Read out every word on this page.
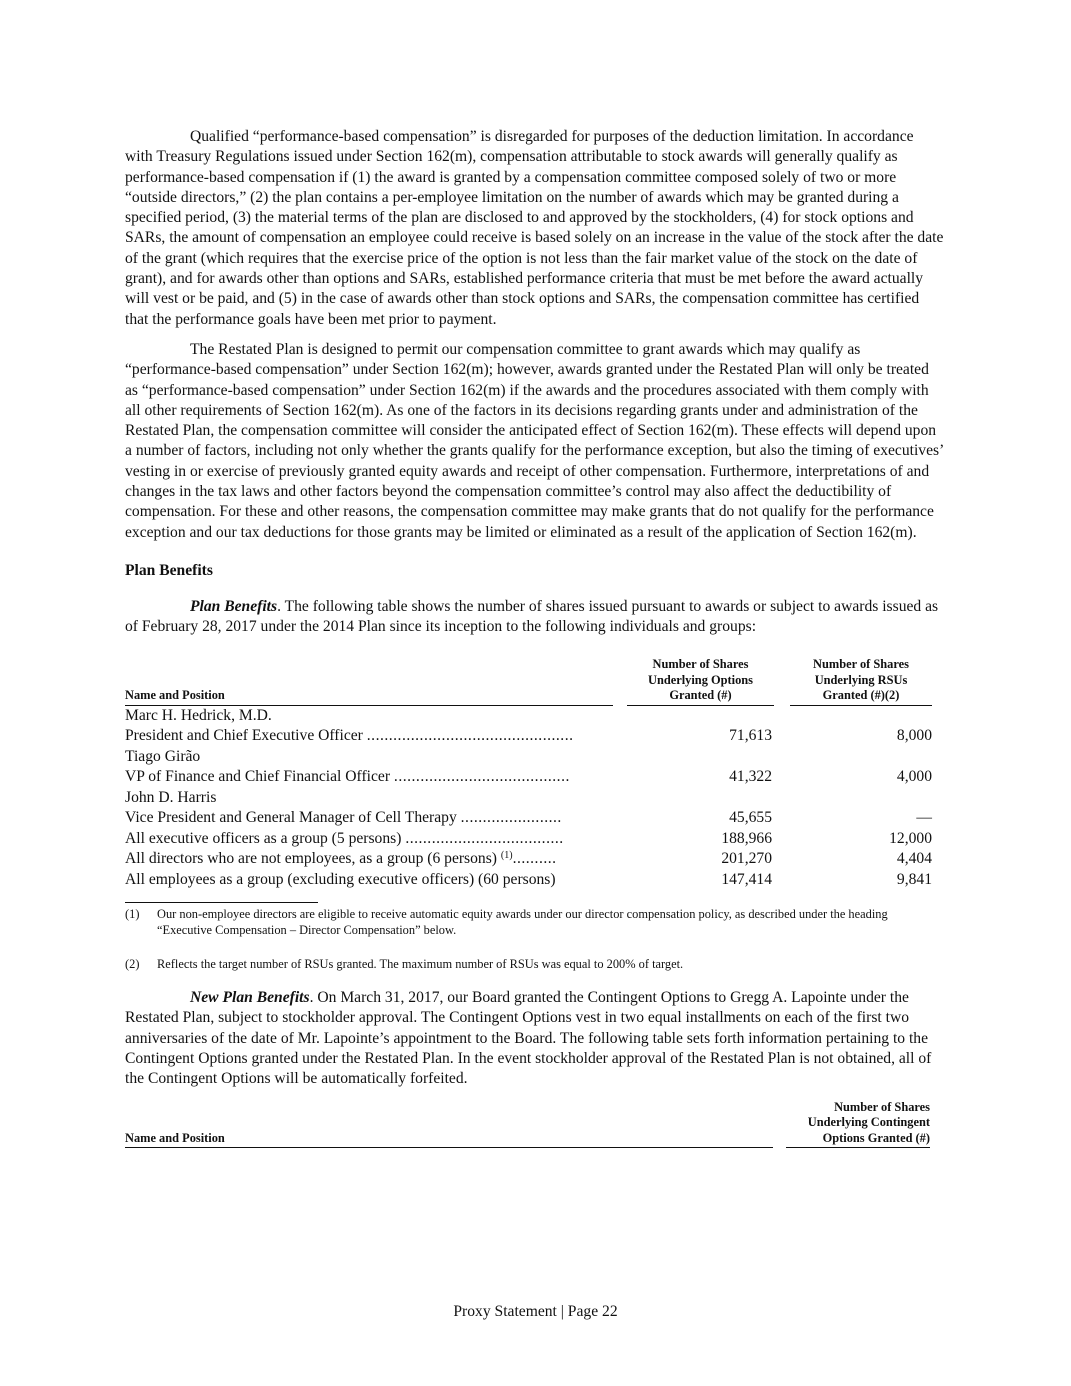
Qualified “performance-based compensation” is disregarded for purposes of the deduction limitation. In accordance with Treasury Regulations issued under Section 162(m), compensation attributable to stock awards will generally qualify as performance-based compensation if (1) the award is granted by a compensation committee composed solely of two or more “outside directors,” (2) the plan contains a per-employee limitation on the number of awards which may be granted during a specified period, (3) the material terms of the plan are disclosed to and approved by the stockholders, (4) for stock options and SARs, the amount of compensation an employee could receive is based solely on an increase in the value of the stock after the date of the grant (which requires that the exercise price of the option is not less than the fair market value of the stock on the date of grant), and for awards other than options and SARs, established performance criteria that must be met before the award actually will vest or be paid, and (5) in the case of awards other than stock options and SARs, the compensation committee has certified that the performance goals have been met prior to payment.

The Restated Plan is designed to permit our compensation committee to grant awards which may qualify as “performance-based compensation” under Section 162(m); however, awards granted under the Restated Plan will only be treated as “performance-based compensation” under Section 162(m) if the awards and the procedures associated with them comply with all other requirements of Section 162(m). As one of the factors in its decisions regarding grants under and administration of the Restated Plan, the compensation committee will consider the anticipated effect of Section 162(m). These effects will depend upon a number of factors, including not only whether the grants qualify for the performance exception, but also the timing of executives’ vesting in or exercise of previously granted equity awards and receipt of other compensation. Furthermore, interpretations of and changes in the tax laws and other factors beyond the compensation committee’s control may also affect the deductibility of compensation. For these and other reasons, the compensation committee may make grants that do not qualify for the performance exception and our tax deductions for those grants may be limited or eliminated as a result of the application of Section 162(m).

Plan Benefits

Plan Benefits. The following table shows the number of shares issued pursuant to awards or subject to awards issued as of February 28, 2017 under the 2014 Plan since its inception to the following individuals and groups:

Name and Position
Number of Shares
Underlying Options
Granted (#)
Number of Shares
Underlying RSUs
Granted (#)(2)
Marc H. Hedrick, M.D.
President and Chief Executive Officer ...............................................	71,613	8,000
Tiago Girão
VP of Finance and Chief Financial Officer ........................................	41,322	4,000
John D. Harris
Vice President and General Manager of Cell Therapy .......................	45,655	—
All executive officers as a group (5 persons) ....................................	188,966	12,000
All directors who are not employees, as a group (6 persons) $^{(1)}$..........	201,270	4,404
All employees as a group (excluding executive officers) (60 persons)	147,414	9,841
(1)	Our non-employee directors are eligible to receive automatic equity awards under our director compensation policy, as described under the heading “Executive Compensation – Director Compensation” below.
(2)	Reflects the target number of RSUs granted. The maximum number of RSUs was equal to 200% of target.

New Plan Benefits. On March 31, 2017, our Board granted the Contingent Options to Gregg A. Lapointe under the Restated Plan, subject to stockholder approval. The Contingent Options vest in two equal installments on each of the first two anniversaries of the date of Mr. Lapointe’s appointment to the Board. The following table sets forth information pertaining to the Contingent Options granted under the Restated Plan. In the event stockholder approval of the Restated Plan is not obtained, all of the Contingent Options will be automatically forfeited.

Name and Position
Number of Shares
Underlying Contingent
Options Granted (#)
Proxy Statement | Page 22
